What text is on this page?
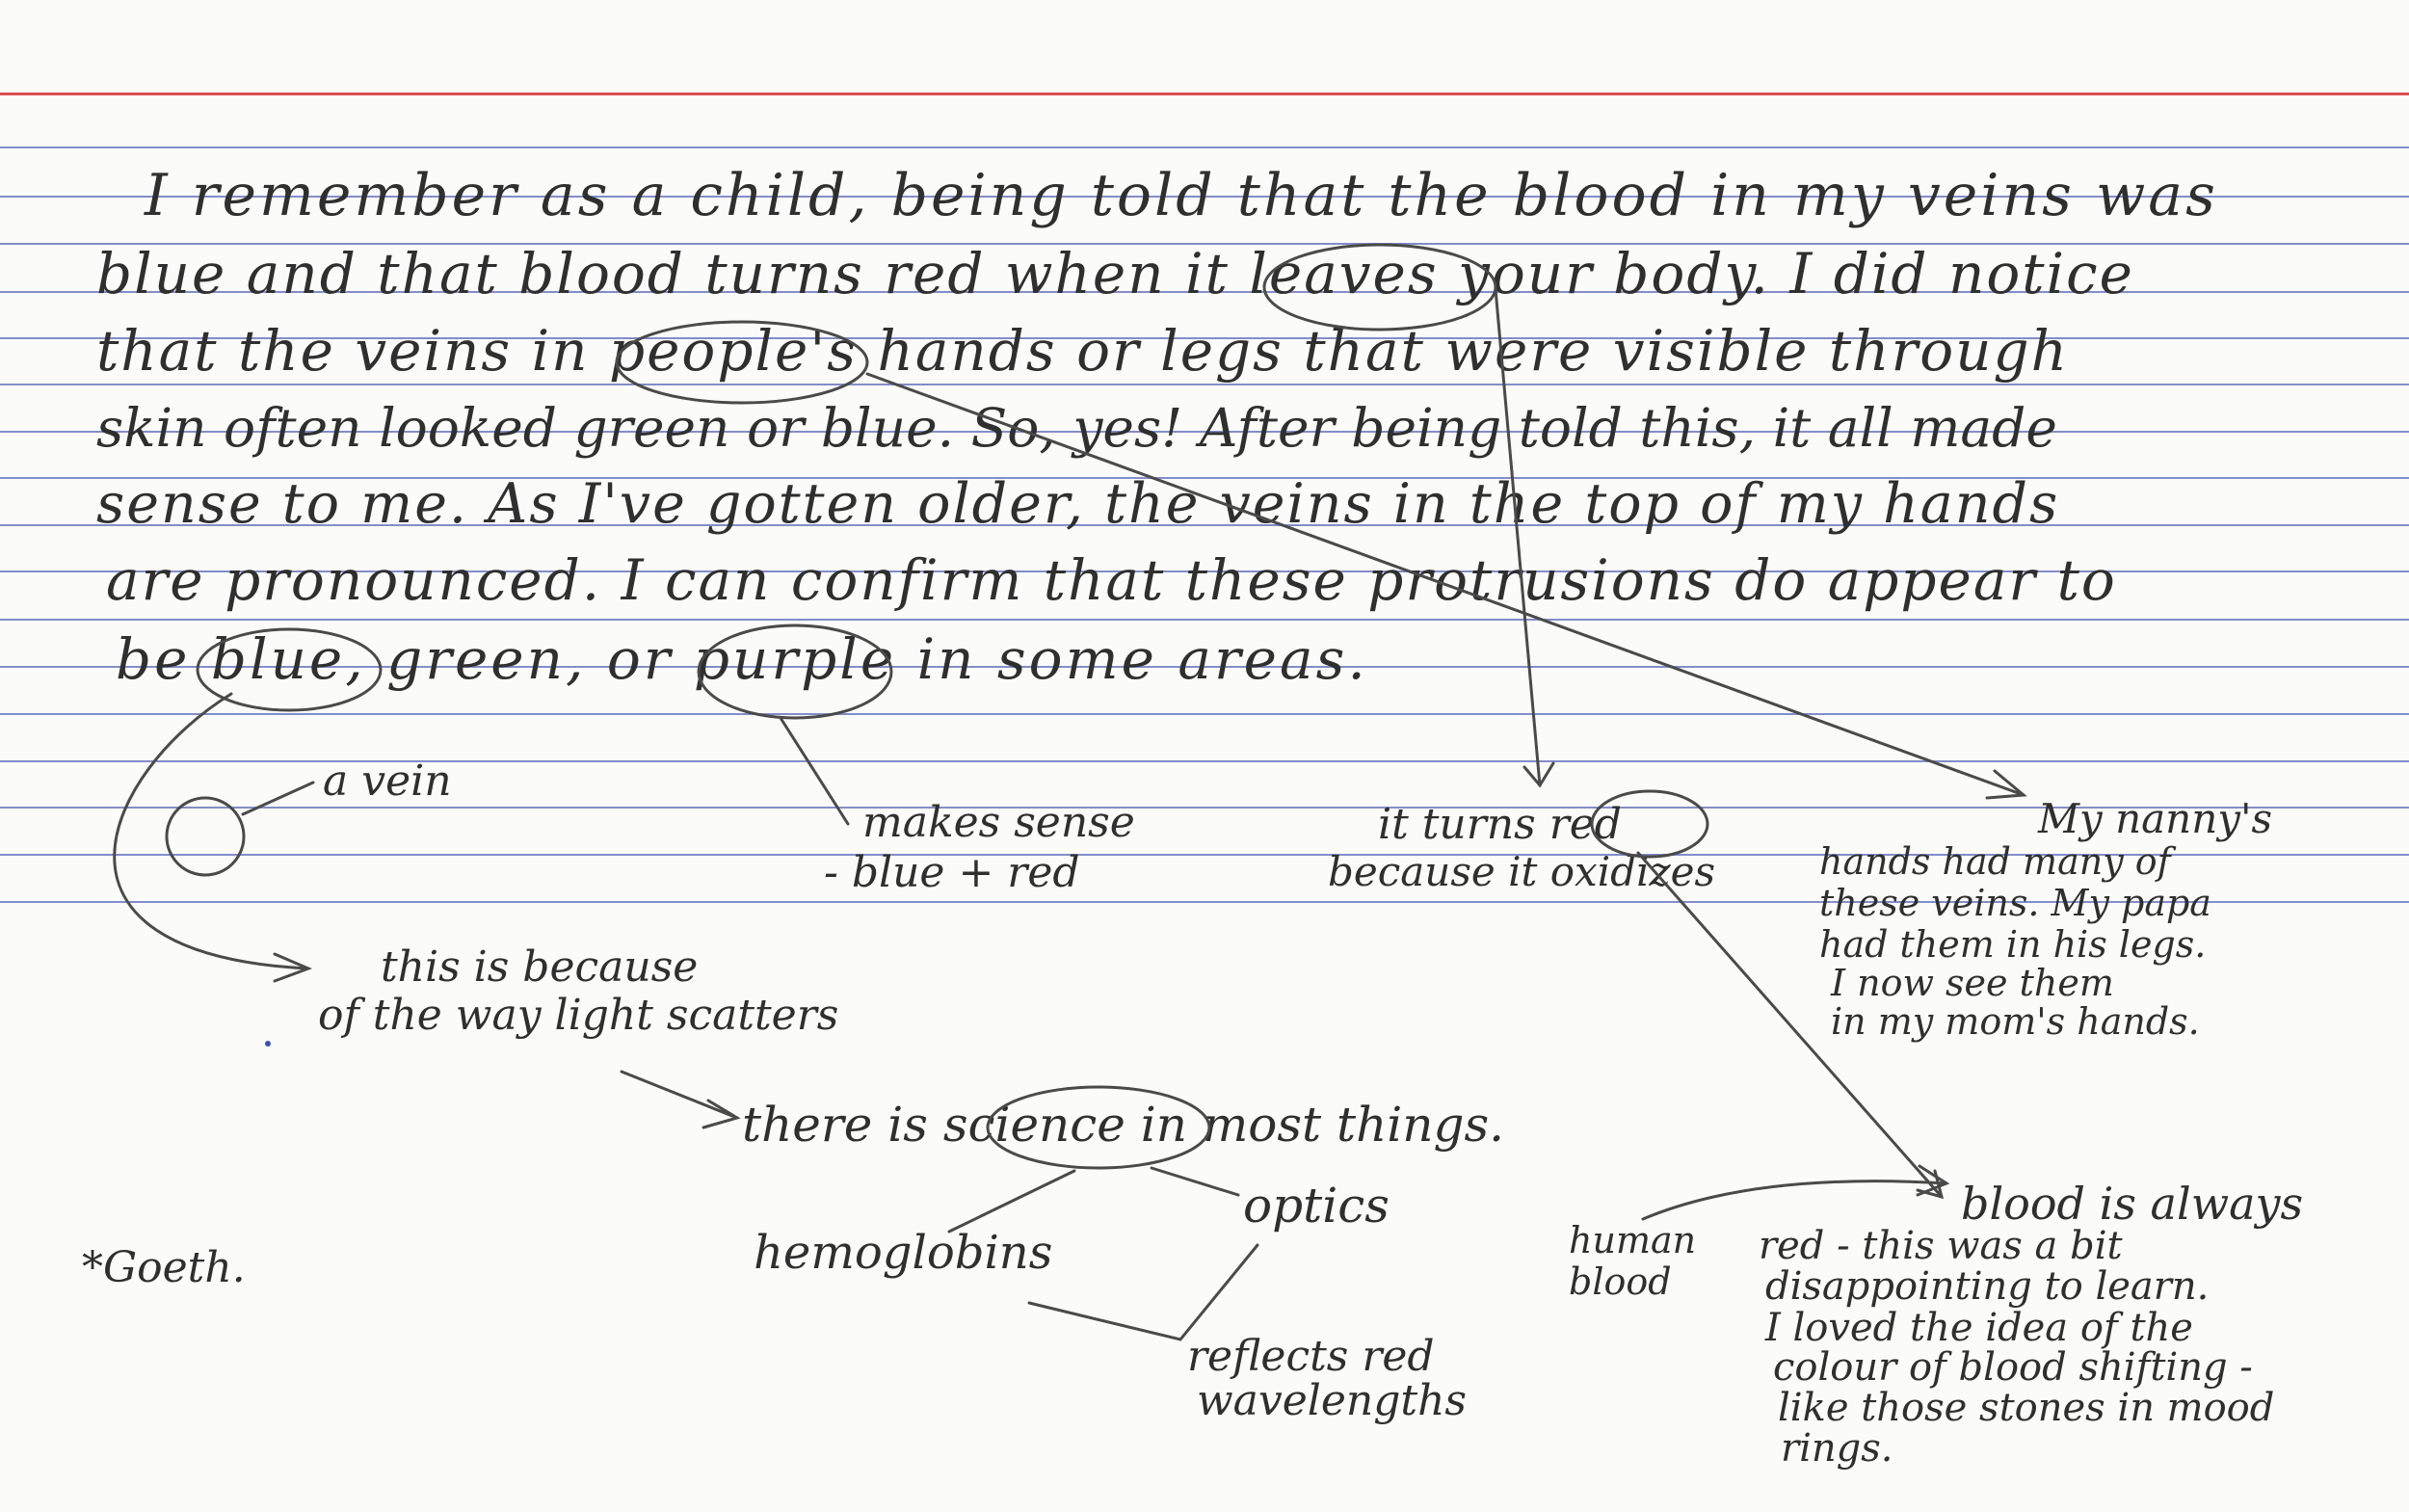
I remember as a child, being told that the blood in my veins was
blue and that blood turns red when it leaves your body. I did notice
that the veins in people's hands or legs that were visible through
skin often looked green or blue. So, yes! After being told this, it all made
sense to me. As I've gotten older, the veins in the top of my hands
are pronounced. I can confirm that these protrusions do appear to
be blue, green, or purple in some areas.
a vein
makes sense
- blue + red
it turns red
because it oxidizes
My nanny's
hands had many of
these veins. My papa
had them in his legs.
I now see them
in my mom's hands.
this is because
of the way light scatters
there is science in most things.
optics
hemoglobins
reflects red
wavelengths
human
blood
blood is always
red - this was a bit
disappointing to learn.
I loved the idea of the
colour of blood shifting -
like those stones in mood
rings.
*Goeth.
